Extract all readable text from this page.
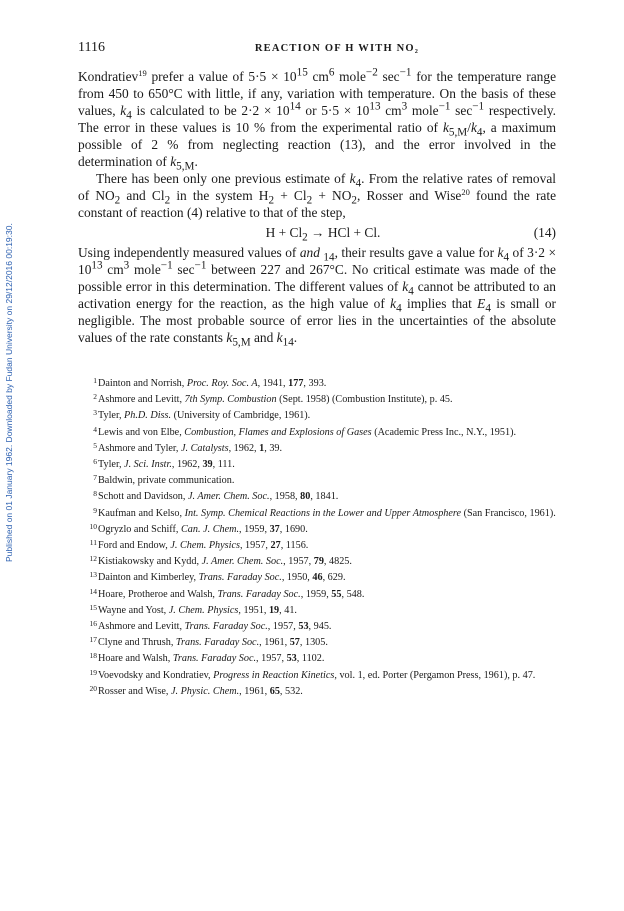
Published on 01 January 1962. Downloaded by Fudan University on 29/12/2016 00:19:30.
1116	REACTION OF H WITH NO₂

Kondratiev$^{19}$ prefer a value of $5\cdot 5 \times 10^{15}$ $cm^6$ mole$^{-2}$ $\sec^{-1}$ for the temperature range from 450 to 650°C with little, if any, variation with temperature. On the basis of these values, $k_4$ is calculated to be $2\cdot 2 \times 10^{14}$ or $5\cdot 5 \times 10^{13}$ $cm^3$ mole$^{-1}$ $\sec^{-1}$ respectively. The error in these values is 10 % from the experimental ratio of $k_{5,M}/k_4$, a maximum possible of 2 % from neglecting reaction (13), and the error involved in the determination of $k_{5,M}$.

There has been only one previous estimate of $k_4$. From the relative rates of removal of $NO_2$ and $Cl_2$ in the system $H_2 + Cl_2 + NO_2$, Rosser and Wise$^{20}$ found the rate constant of reaction (4) relative to that of the step,

$H + Cl_2$ → HCl + Cl.	(14)

Using independently measured values of and $_{14}$, their results gave a value for $k_4$ of $3\cdot 2 \times 10^{13}$ $cm^3$ mole$^{-1}$ $\sec^{-1}$ between 227 and 267°C. No critical estimate was made of the possible error in this determination. The different values of $k_4$ cannot be attributed to an activation energy for the reaction, as the high value of $k_4$ implies that $E_4$ is small or negligible. The most probable source of error lies in the uncertainties of the absolute values of the rate constants $k_{5,M}$ and $k_{14}$.

1Dainton and Norrish, Proc. Roy. Soc. A, 1941, 177, 393.

2Ashmore and Levitt, 7th Symp. Combustion (Sept. 1958) (Combustion Institute), p. 45.

3Tyler, Ph.D. Diss. (University of Cambridge, 1961).

4Lewis and von Elbe, Combustion, Flames and Explosions of Gases (Academic Press Inc., N.Y., 1951).

5Ashmore and Tyler, J. Catalysts, 1962, 1, 39.

6Tyler, J. Sci. Instr., 1962, 39, 111.

7Baldwin, private communication.

8Schott and Davidson, J. Amer. Chem. Soc., 1958, 80, 1841.

9Kaufman and Kelso, Int. Symp. Chemical Reactions in the Lower and Upper Atmosphere (San Francisco, 1961).

10Ogryzlo and Schiff, Can. J. Chem., 1959, 37, 1690.

11Ford and Endow, J. Chem. Physics, 1957, 27, 1156.

12Kistiakowsky and Kydd, J. Amer. Chem. Soc., 1957, 79, 4825.

13Dainton and Kimberley, Trans. Faraday Soc., 1950, 46, 629.

14Hoare, Protheroe and Walsh, Trans. Faraday Soc., 1959, 55, 548.

15Wayne and Yost, J. Chem. Physics, 1951, 19, 41.

16Ashmore and Levitt, Trans. Faraday Soc., 1957, 53, 945.

17Clyne and Thrush, Trans. Faraday Soc., 1961, 57, 1305.

18Hoare and Walsh, Trans. Faraday Soc., 1957, 53, 1102.

19Voevodsky and Kondratiev, Progress in Reaction Kinetics, vol. 1, ed. Porter (Pergamon Press, 1961), p. 47.

20Rosser and Wise, J. Physic. Chem., 1961, 65, 532.
